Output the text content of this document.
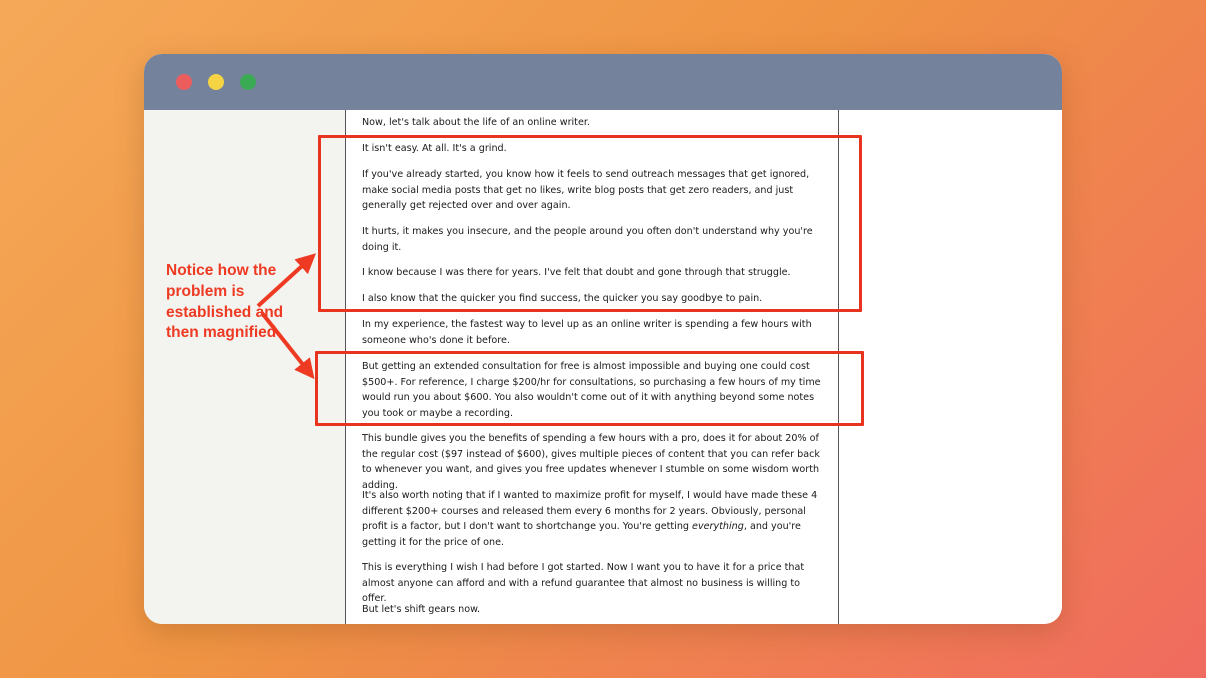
Now, let's talk about the life of an online writer.

It isn't easy. At all. It's a grind.

If you've already started, you know how it feels to send outreach messages that get ignored, make social media posts that get no likes, write blog posts that get zero readers, and just generally get rejected over and over again.

It hurts, it makes you insecure, and the people around you often don't understand why you're doing it.

I know because I was there for years. I've felt that doubt and gone through that struggle.

I also know that the quicker you find success, the quicker you say goodbye to pain.

In my experience, the fastest way to level up as an online writer is spending a few hours with someone who's done it before.

But getting an extended consultation for free is almost impossible and buying one could cost $500+. For reference, I charge $200/hr for consultations, so purchasing a few hours of my time would run you about $600. You also wouldn't come out of it with anything beyond some notes you took or maybe a recording.

This bundle gives you the benefits of spending a few hours with a pro, does it for about 20% of the regular cost ($97 instead of $600), gives multiple pieces of content that you can refer back to whenever you want, and gives you free updates whenever I stumble on some wisdom worth adding.

It's also worth noting that if I wanted to maximize profit for myself, I would have made these 4 different $200+ courses and released them every 6 months for 2 years. Obviously, personal profit is a factor, but I don't want to shortchange you. You're getting everything, and you're getting it for the price of one.

This is everything I wish I had before I got started. Now I want you to have it for a price that almost anyone can afford and with a refund guarantee that almost no business is willing to offer.

But let's shift gears now.

Notice how the problem is established and then magnified
